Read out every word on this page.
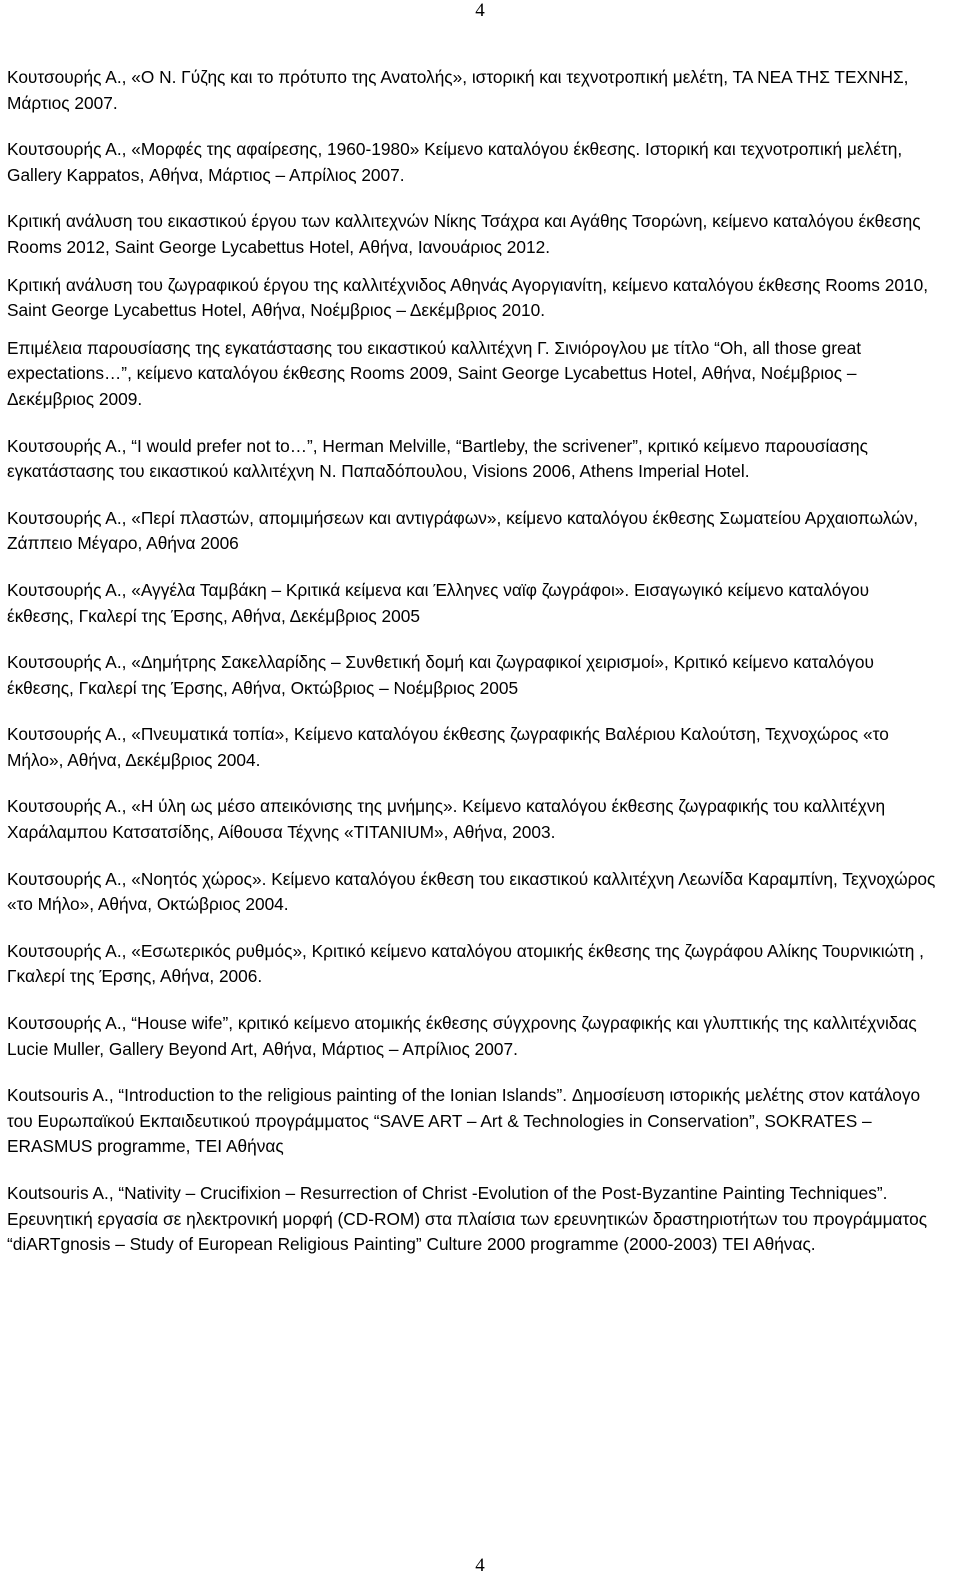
4

Κουτσουρής Α., «Ο Ν. Γύζης και το πρότυπο της Ανατολής», ιστορική και τεχνοτροπική μελέτη, ΤΑ ΝΕΑ ΤΗΣ ΤΕΧΝΗΣ, Μάρτιος 2007.

Κουτσουρής Α., «Μορφές της αφαίρεσης, 1960-1980» Κείμενο καταλόγου έκθεσης. Ιστορική και τεχνοτροπική μελέτη, Gallery Kappatos, Αθήνα, Μάρτιος – Απρίλιος 2007.

Κριτική ανάλυση του εικαστικού έργου των καλλιτεχνών Νίκης Τσάχρα και Αγάθης Τσορώνη, κείμενο καταλόγου έκθεσης Rooms 2012, Saint George Lycabettus Hotel, Αθήνα, Ιανουάριος 2012.

Κριτική ανάλυση του ζωγραφικού έργου της καλλιτέχνιδος Αθηνάς Αγοργιανίτη, κείμενο καταλόγου έκθεσης Rooms 2010, Saint George Lycabettus Hotel, Αθήνα, Νοέμβριος – Δεκέμβριος 2010.

Επιμέλεια παρουσίασης της εγκατάστασης του εικαστικού καλλιτέχνη Γ. Σινιόρογλου με τίτλο “Oh, all those great expectations…”, κείμενο καταλόγου έκθεσης Rooms 2009, Saint George Lycabettus Hotel, Αθήνα, Νοέμβριος – Δεκέμβριος 2009.

Κουτσουρής Α., “I would prefer not to…”, Herman Melville, “Bartleby, the scrivener”, κριτικό κείμενο παρουσίασης εγκατάστασης του εικαστικού καλλιτέχνη Ν. Παπαδόπουλου, Visions 2006, Athens Imperial Hotel.

Κουτσουρής Α., «Περί πλαστών, απομιμήσεων και αντιγράφων», κείμενο καταλόγου έκθεσης Σωματείου Αρχαιοπωλών, Ζάππειο Μέγαρο, Αθήνα 2006

Κουτσουρής Α., «Αγγέλα Ταμβάκη – Κριτικά κείμενα και Έλληνες ναϊφ ζωγράφοι». Εισαγωγικό κείμενο καταλόγου έκθεσης, Γκαλερί της Έρσης, Αθήνα, Δεκέμβριος 2005

Κουτσουρής Α., «Δημήτρης Σακελλαρίδης – Συνθετική δομή και ζωγραφικοί χειρισμοί», Κριτικό κείμενο καταλόγου έκθεσης, Γκαλερί της Έρσης, Αθήνα, Οκτώβριος – Νοέμβριος 2005

Κουτσουρής Α., «Πνευματικά τοπία», Κείμενο καταλόγου έκθεσης ζωγραφικής Βαλέριου Καλούτση, Τεχνοχώρος «το Μήλο», Αθήνα, Δεκέμβριος 2004.

Κουτσουρής Α., «Η ύλη ως μέσο απεικόνισης της μνήμης». Κείμενο καταλόγου έκθεσης ζωγραφικής του καλλιτέχνη Χαράλαμπου Κατσατσίδης, Αίθουσα Τέχνης «TITANIUM», Αθήνα, 2003.

Κουτσουρής Α., «Νοητός χώρος». Κείμενο καταλόγου έκθεση του εικαστικού καλλιτέχνη Λεωνίδα Καραμπίνη, Τεχνοχώρος «το Μήλο», Αθήνα, Οκτώβριος 2004.

Κουτσουρής Α., «Εσωτερικός ρυθμός», Κριτικό κείμενο καταλόγου ατομικής έκθεσης της ζωγράφου Αλίκης Τουρνικιώτη , Γκαλερί της Έρσης, Αθήνα, 2006.

Κουτσουρής Α., “House wife”, κριτικό κείμενο ατομικής έκθεσης σύγχρονης ζωγραφικής και γλυπτικής της καλλιτέχνιδας Lucie Muller, Gallery Beyond Art, Αθήνα, Μάρτιος – Απρίλιος 2007.

Koutsouris A., “Introduction to the religious painting of the Ionian Islands”. Δημοσίευση ιστορικής μελέτης στον κατάλογο του Ευρωπαϊκού Εκπαιδευτικού προγράμματος “SAVE ART – Art & Technologies in Conservation”, SOKRATES – ERASMUS programme, ΤΕΙ Αθήνας

Koutsouris A., “Nativity – Crucifixion – Resurrection of Christ -Evolution of the Post-Byzantine Painting Techniques”. Ερευνητική εργασία σε ηλεκτρονική μορφή (CD-ROM) στα πλαίσια των ερευνητικών δραστηριοτήτων του προγράμματος “diARTgnosis – Study of European Religious Painting” Culture 2000 programme (2000-2003) ΤΕΙ Αθήνας.

4
